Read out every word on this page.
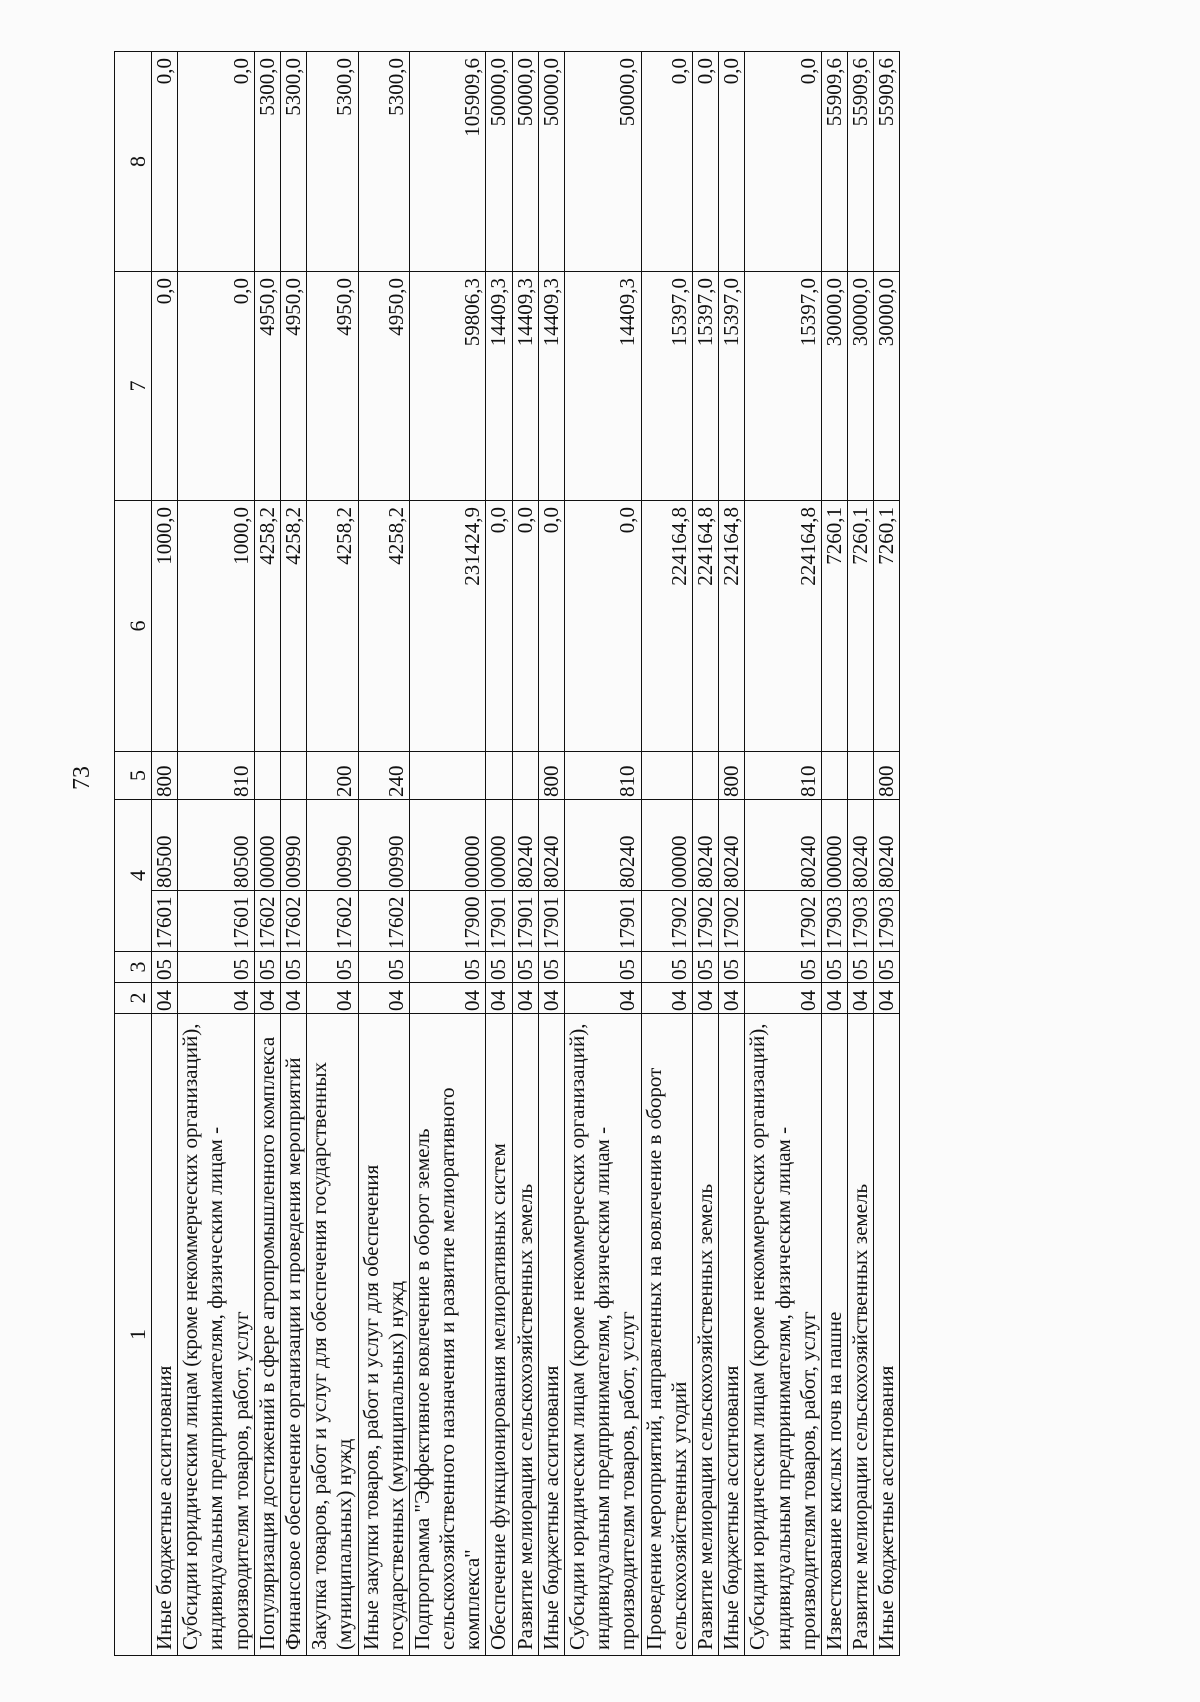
73
1	2	3	4		5	6	7	8
Иные бюджетные ассигнования	04	05	17601	80500	800	1000,0	0,0	0,0
Субсидии юридическим лицам (кроме некоммерческих организаций), индивидуальным предпринимателям, физическим лицам - производителям товаров, работ, услуг	04	05	17601	80500	810	1000,0	0,0	0,0
Популяризация достижений в сфере агропромышленного комплекса	04	05	17602	00000		4258,2	4950,0	5300,0
Финансовое обеспечение организации и проведения мероприятий	04	05	17602	00990		4258,2	4950,0	5300,0
Закупка товаров, работ и услуг для обеспечения государственных (муниципальных) нужд	04	05	17602	00990	200	4258,2	4950,0	5300,0
Иные закупки товаров, работ и услуг для обеспечения государственных (муниципальных) нужд	04	05	17602	00990	240	4258,2	4950,0	5300,0
Подпрограмма "Эффективное вовлечение в оборот земель сельскохозяйственного назначения и развитие мелиоративного комплекса"	04	05	17900	00000		231424,9	59806,3	105909,6
Обеспечение функционирования мелиоративных систем	04	05	17901	00000		0,0	14409,3	50000,0
Развитие мелиорации сельскохозяйственных земель	04	05	17901	80240		0,0	14409,3	50000,0
Иные бюджетные ассигнования	04	05	17901	80240	800	0,0	14409,3	50000,0
Субсидии юридическим лицам (кроме некоммерческих организаций), индивидуальным предпринимателям, физическим лицам - производителям товаров, работ, услуг	04	05	17901	80240	810	0,0	14409,3	50000,0
Проведение мероприятий, направленных на вовлечение в оборот сельскохозяйственных угодий	04	05	17902	00000		224164,8	15397,0	0,0
Развитие мелиорации сельскохозяйственных земель	04	05	17902	80240		224164,8	15397,0	0,0
Иные бюджетные ассигнования	04	05	17902	80240	800	224164,8	15397,0	0,0
Субсидии юридическим лицам (кроме некоммерческих организаций), индивидуальным предпринимателям, физическим лицам - производителям товаров, работ, услуг	04	05	17902	80240	810	224164,8	15397,0	0,0
Известкование кислых почв на пашне	04	05	17903	00000		7260,1	30000,0	55909,6
Развитие мелиорации сельскохозяйственных земель	04	05	17903	80240		7260,1	30000,0	55909,6
Иные бюджетные ассигнования	04	05	17903	80240	800	7260,1	30000,0	55909,6
